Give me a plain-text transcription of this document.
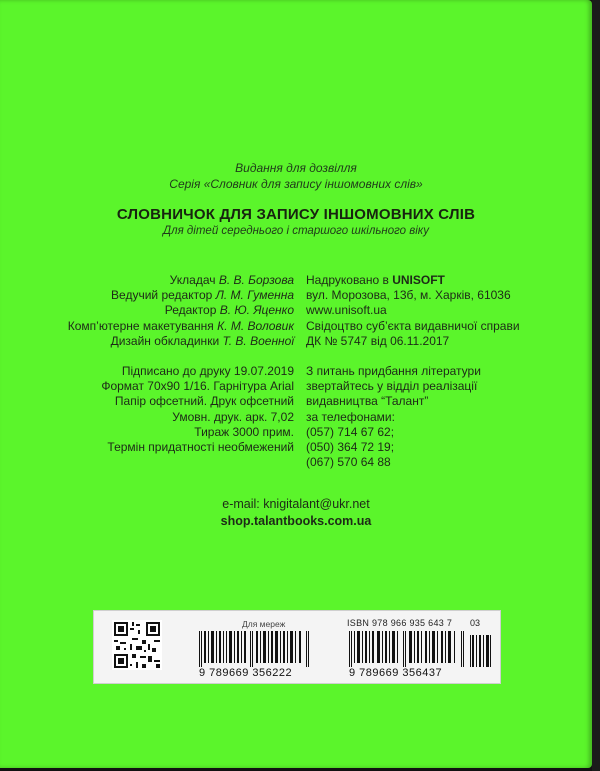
Видання для дозвілля
Серія «Словник для запису іншомовних слів»
СЛОВНИЧОК ДЛЯ ЗАПИСУ ІНШОМОВНИХ СЛІВ
Для дітей середнього і старшого шкільного віку
Укладач В. В. Борзова
Ведучий редактор Л. М. Гуменна
Редактор В. Ю. Яценко
Комп’ютерне макетування К. М. Воловик
Дизайн обкладинки Т. В. Военної
Підписано до друку 19.07.2019
Формат 70х90 1/16. Гарнітура Arial
Папір офсетний. Друк офсетний
Умовн. друк. арк. 7,02
Тираж 3000 прим.
Термін придатності необмежений
Надруковано в UNISOFT
вул. Морозова, 13б, м. Харків, 61036
www.unisoft.ua
Свідоцтво суб’єкта видавничої справи
ДК № 5747 від 06.11.2017
З питань придбання літератури
звертайтесь у відділ реалізації
видавництва “Талант”
за телефонами:
(057) 714 67 62;
(050) 364 72 19;
(067) 570 64 88
e-mail: knigitalant@ukr.net
shop.talantbooks.com.ua
Для мереж	ISBN 978 966 935 643 7 03
9 789669 356222	9 789669 356437
